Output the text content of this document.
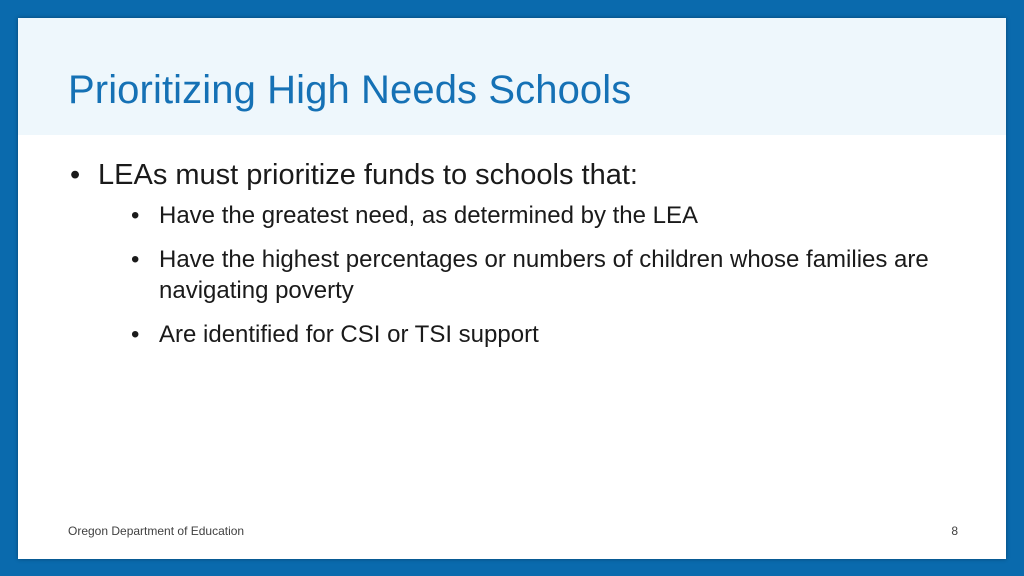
Prioritizing High Needs Schools

• LEAs must prioritize funds to schools that:

• Have the greatest need, as determined by the LEA
• Have the highest percentages or numbers of children whose families are navigating poverty
• Are identified for CSI or TSI support
Oregon Department of Education	8
